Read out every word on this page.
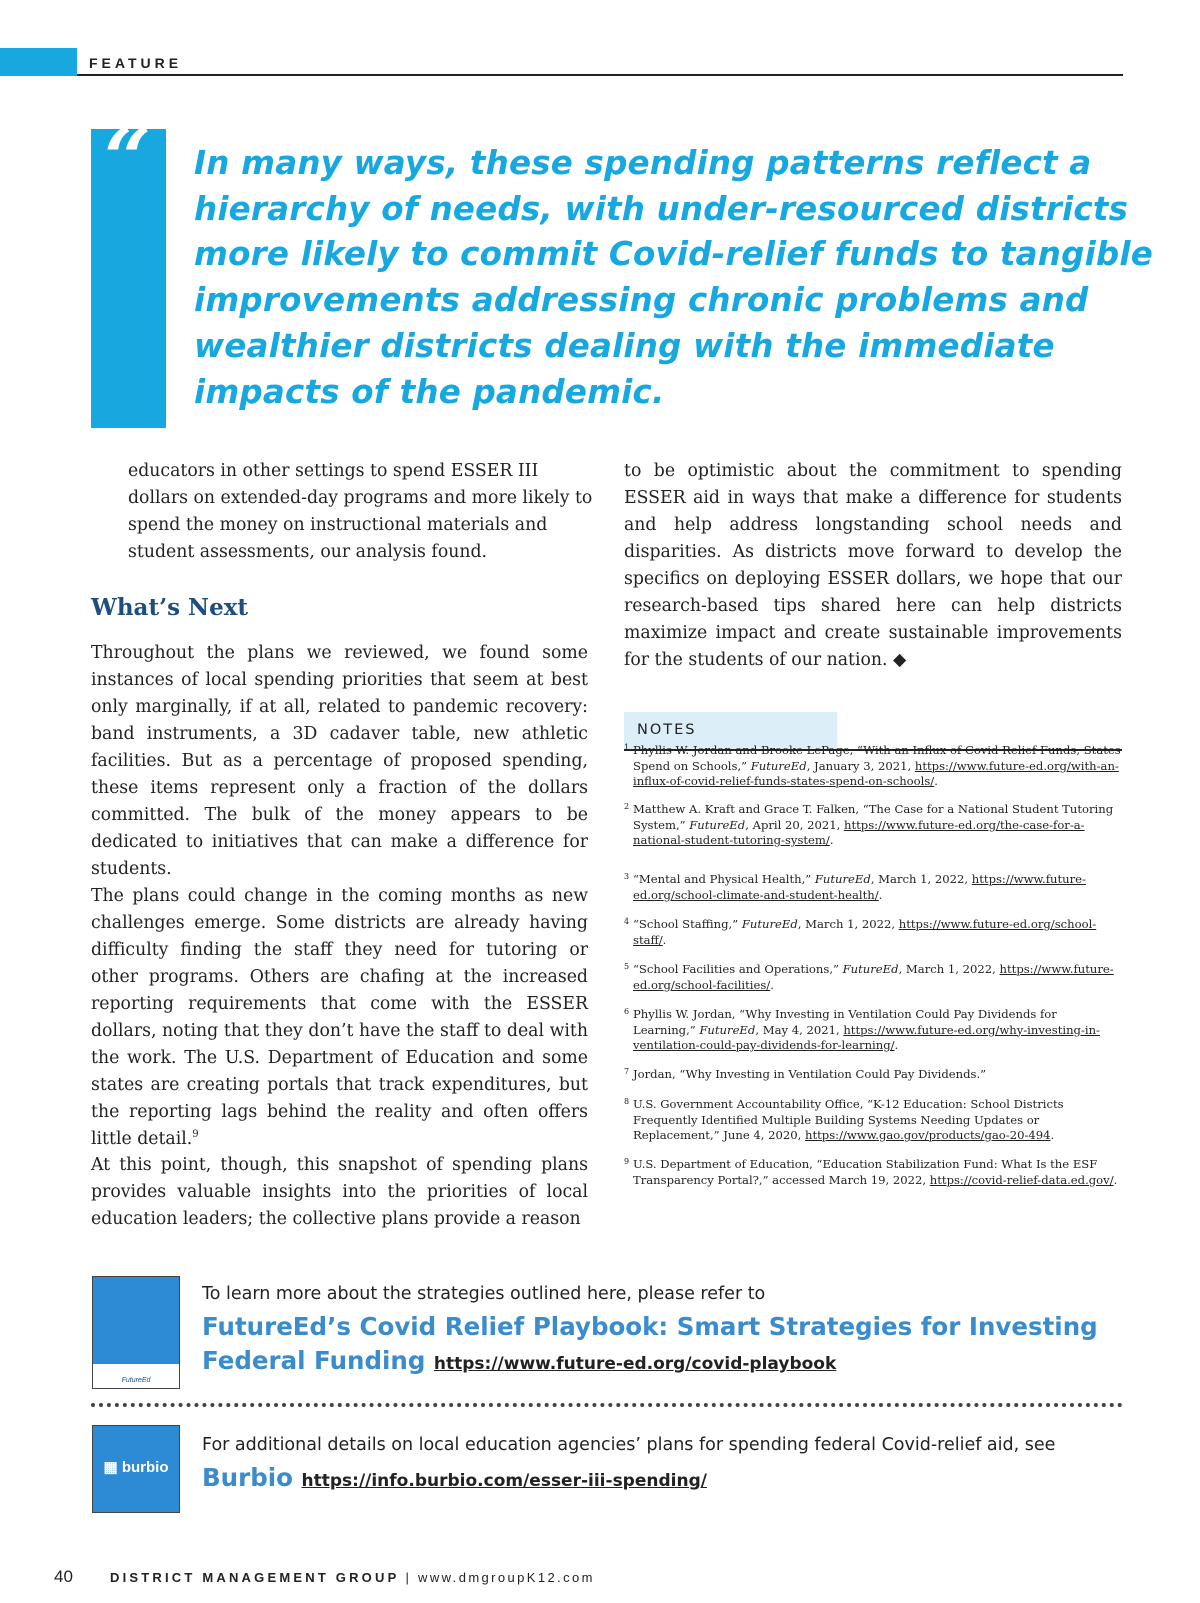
FEATURE
“ In many ways, these spending patterns reflect a
hierarchy of needs, with under-resourced districts
more likely to commit Covid-relief funds to tangible
improvements addressing chronic problems and
wealthier districts dealing with the immediate
impacts of the pandemic.

educators in other settings to spend ESSER III dollars on extended-day programs and more likely to spend the money on instructional materials and student assessments, our analysis found.

What’s Next

Throughout the plans we reviewed, we found some instances of local spending priorities that seem at best only marginally, if at all, related to pandemic recovery: band instruments, a 3D cadaver table, new athletic facilities. But as a percentage of proposed spending, these items represent only a fraction of the dollars committed. The bulk of the money appears to be dedicated to initiatives that can make a difference for students.

The plans could change in the coming months as new challenges emerge. Some districts are already having difficulty finding the staff they need for tutoring or other programs. Others are chafing at the increased reporting requirements that come with the ESSER dollars, noting that they don’t have the staff to deal with the work. The U.S. Department of Education and some states are creating portals that track expenditures, but the reporting lags behind the reality and often offers little detail.$^9$

At this point, though, this snapshot of spending plans provides valuable insights into the priorities of local education leaders; the collective plans provide a reason

to be optimistic about the commitment to spending ESSER aid in ways that make a difference for students and help address longstanding school needs and disparities. As districts move forward to develop the specifics on deploying ESSER dollars, we hope that our research-based tips shared here can help districts maximize impact and create sustainable improvements for the students of our nation. ◆

NOTES

1 Phyllis W. Jordan and Brooke LePage, “With an Influx of Covid Relief Funds, States Spend on Schools,” FutureEd, January 3, 2021, https://www.future-ed.org/with-an-influx-of-covid-relief-funds-states-spend-on-schools/.

2 Matthew A. Kraft and Grace T. Falken, “The Case for a National Student Tutoring System,” FutureEd, April 20, 2021, https://www.future-ed.org/the-case-for-a-national-student-tutoring-system/.

3 “Mental and Physical Health,” FutureEd, March 1, 2022, https://www.future-ed.org/school-climate-and-student-health/.

4 “School Staffing,” FutureEd, March 1, 2022, https://www.future-ed.org/school-staff/.

5 “School Facilities and Operations,” FutureEd, March 1, 2022, https://www.future-ed.org/school-facilities/.

6 Phyllis W. Jordan, “Why Investing in Ventilation Could Pay Dividends for Learning,” FutureEd, May 4, 2021, https://www.future-ed.org/why-investing-in-ventilation-could-pay-dividends-for-learning/.

7 Jordan, “Why Investing in Ventilation Could Pay Dividends.”

8 U.S. Government Accountability Office, “K-12 Education: School Districts Frequently Identified Multiple Building Systems Needing Updates or Replacement,” June 4, 2020, https://www.gao.gov/products/gao-20-494.

9 U.S. Department of Education, “Education Stabilization Fund: What Is the ESF Transparency Portal?,” accessed March 19, 2022, https://covid-relief-data.ed.gov/.

FutureEd

To learn more about the strategies outlined here, please refer to

FutureEd’s Covid Relief Playbook: Smart Strategies for Investing Federal Funding https://www.future-ed.org/covid-playbook

▦ burbio

For additional details on local education agencies’ plans for spending federal Covid-relief aid, see

Burbio https://info.burbio.com/esser-iii-spending/

40	DISTRICT MANAGEMENT GROUP | www.dmgroupK12.com
